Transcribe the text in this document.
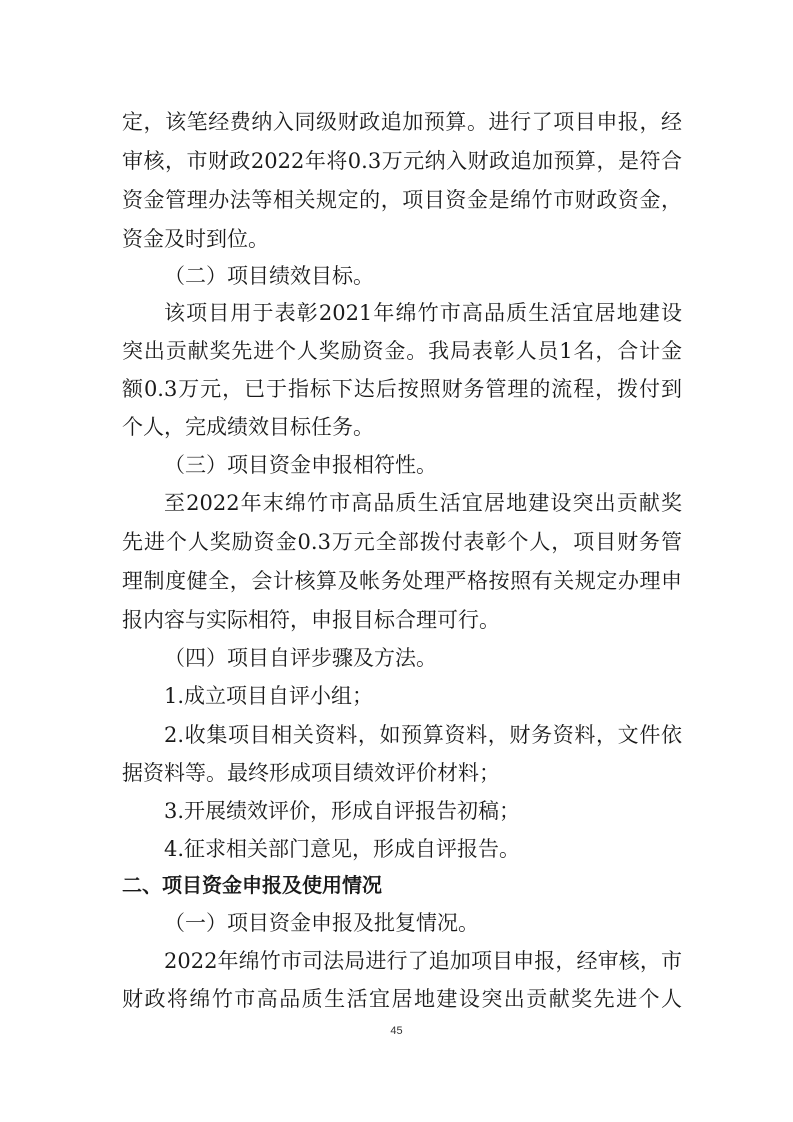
定，该笔经费纳入同级财政追加预算。进行了项目申报，经
审核，市财政2022年将0.3万元纳入财政追加预算，是符合
资金管理办法等相关规定的，项目资金是绵竹市财政资金，
资金及时到位。
（二）项目绩效目标。
该项目用于表彰2021年绵竹市高品质生活宜居地建设
突出贡献奖先进个人奖励资金。我局表彰人员1名，合计金
额0.3万元，已于指标下达后按照财务管理的流程，拨付到
个人，完成绩效目标任务。
（三）项目资金申报相符性。
至2022年末绵竹市高品质生活宜居地建设突出贡献奖
先进个人奖励资金0.3万元全部拨付表彰个人，项目财务管
理制度健全，会计核算及帐务处理严格按照有关规定办理申
报内容与实际相符，申报目标合理可行。
（四）项目自评步骤及方法。
1.成立项目自评小组；
2.收集项目相关资料，如预算资料，财务资料，文件依
据资料等。最终形成项目绩效评价材料；
3.开展绩效评价，形成自评报告初稿；
4.征求相关部门意见，形成自评报告。
二、项目资金申报及使用情况
（一）项目资金申报及批复情况。
2022年绵竹市司法局进行了追加项目申报，经审核，市
财政将绵竹市高品质生活宜居地建设突出贡献奖先进个人
45
